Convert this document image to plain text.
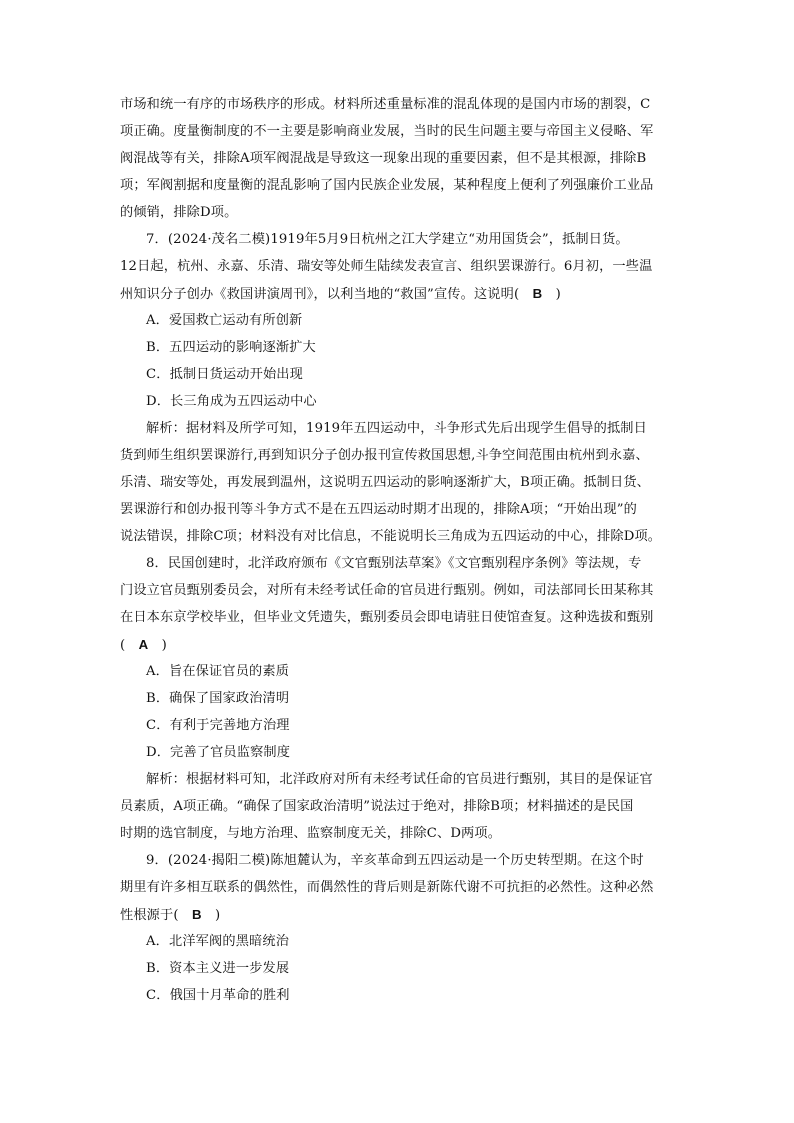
市场和统一有序的市场秩序的形成。材料所述重量标准的混乱体现的是国内市场的割裂，C
项正确。度量衡制度的不一主要是影响商业发展，当时的民生问题主要与帝国主义侵略、军
阀混战等有关，排除A项军阀混战是导致这一现象出现的重要因素，但不是其根源，排除B
项；军阀割据和度量衡的混乱影响了国内民族企业发展，某种程度上便利了列强廉价工业品
的倾销，排除D项。
7．(2024·茂名二模)1919年5月9日杭州之江大学建立“劝用国货会”，抵制日货。
12日起，杭州、永嘉、乐清、瑞安等处师生陆续发表宣言、组织罢课游行。6月初，一些温
州知识分子创办《救国讲演周刊》，以利当地的“救国”宣传。这说明(　B　)
A．爱国救亡运动有所创新
B．五四运动的影响逐渐扩大
C．抵制日货运动开始出现
D．长三角成为五四运动中心
解析：据材料及所学可知，1919年五四运动中，斗争形式先后出现学生倡导的抵制日
货到师生组织罢课游行,再到知识分子创办报刊宣传救国思想,斗争空间范围由杭州到永嘉、
乐清、瑞安等处，再发展到温州，这说明五四运动的影响逐渐扩大，B项正确。抵制日货、
罢课游行和创办报刊等斗争方式不是在五四运动时期才出现的，排除A项；“开始出现”的
说法错误，排除C项；材料没有对比信息，不能说明长三角成为五四运动的中心，排除D项。
8．民国创建时，北洋政府颁布《文官甄别法草案》《文官甄别程序条例》等法规，专
门设立官员甄别委员会，对所有未经考试任命的官员进行甄别。例如，司法部同长田某称其
在日本东京学校毕业，但毕业文凭遗失，甄别委员会即电请驻日使馆查复。这种选拔和甄别
(　A　)
A．旨在保证官员的素质
B．确保了国家政治清明
C．有利于完善地方治理
D．完善了官员监察制度
解析：根据材料可知，北洋政府对所有未经考试任命的官员进行甄别，其目的是保证官
员素质，A项正确。“确保了国家政治清明”说法过于绝对，排除B项；材料描述的是民国
时期的选官制度，与地方治理、监察制度无关，排除C、D两项。
9．(2024·揭阳二模)陈旭麓认为，辛亥革命到五四运动是一个历史转型期。在这个时
期里有许多相互联系的偶然性，而偶然性的背后则是新陈代谢不可抗拒的必然性。这种必然
性根源于(　B　)
A．北洋军阀的黑暗统治
B．资本主义进一步发展
C．俄国十月革命的胜利
